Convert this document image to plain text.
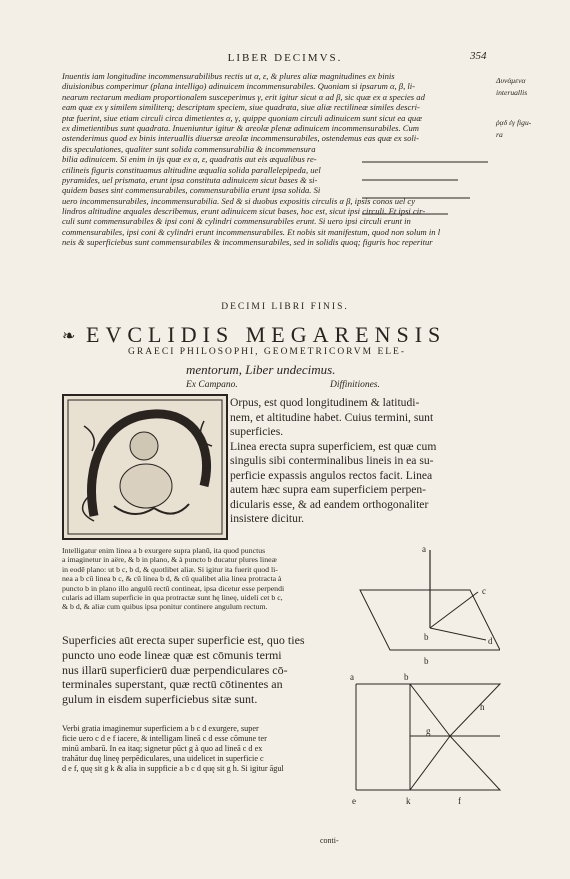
LIBER DECIMVS.	354
Δυνάμενα
interuallis
ῥᾳδ ἐγ figu-
ra
Inuentis iam longitudine incommensurabilibus rectis ut α, ε, & plures aliæ magnitudines ex binis
diuisionibus comperimur (plana intelligo) adinuicem incommensurabiles. Quoniam si ipsarum α, β, li-
nearum rectarum mediam proportionalem susceperimus γ, erit igitur sicut α ad β, sic quæ ex α species ad
eam quæ ex γ similem similiterq; descriptam speciem, siue quadrata, siue aliæ rectilineæ similes descri-
ptæ fuerint, siue etiam circuli circa dimetientes α, γ, quippe quoniam circuli adinuicem sunt sicut ea quæ
ex dimetientibus sunt quadrata. Inueniuntur igitur & areolæ plenæ adinuicem incommensurabiles. Cum
ostenderimus quod ex binis interuallis diuersæ areolæ incommensurabiles, ostendemus eas quæ ex soli-
dis speculationes, qualiter sunt solida commensurabilia & incommensura
bilia adinuicem. Si enim in ijs quæ ex α, ε, quadratis aut eis æqualibus re-
ctilineis figuris constituamus altitudine æqualia solida parallelepipeda, uel
pyramides, uel prismata, erunt ipsa constituta adinuicem sicut bases & si-
quidem bases sint commensurabiles, commensurabilia erunt ipsa solida. Si
uero incommensurabiles, incommensurabilia. Sed & si duobus expositis circulis α β, ipsis conos uel cy
lindros altitudine æquales describemus, erunt adinuicem sicut bases, hoc est, sicut ipsi circuli. Et ipsi cir-
culi sunt commensurabiles & ipsi coni & cylindri commensurabiles erunt. Si uero ipsi circuli erunt in
commensurabiles, ipsi coni & cylindri erunt incommensurabiles. Et nobis sit manifestum, quod non solum in l
neis & superficiebus sunt commensurabiles & incommensurabiles, sed in solidis quoq; figuris hoc reperitur
DECIMI LIBRI FINIS.
❧ EVCLIDIS MEGARENSIS
GRAECI PHILOSOPHI, GEOMETRICORVM ELE-
mentorum, Liber undecimus.
Ex Campano.	Diffinitiones.
Orpus, est quod longitudinem & latitudi-
nem, et altitudine habet. Cuius termini, sunt
superficies.
Linea erecta supra superficiem, est quæ cum
singulis sibi conterminalibus lineis in ea su-
perficie expassis angulos rectos facit. Linea
autem hæc supra eam superficiem perpen-
dicularis esse, & ad eandem orthogonaliter
insistere dicitur.
Intelligatur enim linea a b exurgere supra planū, ita quod punctus
a imaginetur in aëre, & b in plano, & à puncto b ducatur plures lineæ
in eodē plano: ut b c, b d, & quotlibet aliæ. Si igitur ita fuerit quod li-
nea a b cū linea b c, & cū linea b d, & cū qualibet alia linea protracta à
puncto b in plano illo angulū rectū contineat, ipsa dicetur esse perpendi
cularis ad illam superficie in qua protractæ sunt hę lineę, uideli cet b c,
& b d, & aliæ cum quibus ipsa ponitur continere angulum rectum.
a
c
b	d
Superficies aūt erecta super superficie est, quo ties
puncto uno eode lineæ quæ est cōmunis termi
nus illarū superficierū duæ perpendiculares cō-
terminales superstant, quæ rectū cōtinentes an
gulum in eisdem superficiebus sitæ sunt.
Verbi gratia imaginemur superficiem a b c d exurgere, super
ficie uero c d e f iacere, & intelligam lineā c d esse cōmune ter
minū ambarū. In ea itaq; signetur pūct g à quo ad lineā c d ex
trahātur duę lineę perpēdiculares, una uidelicet in superficie c
d e f, quę sit g k & alia in suppficie a b c d quę sit g h. Si igitur āgul
a	b
b
h
g
e	k	f
conti-
